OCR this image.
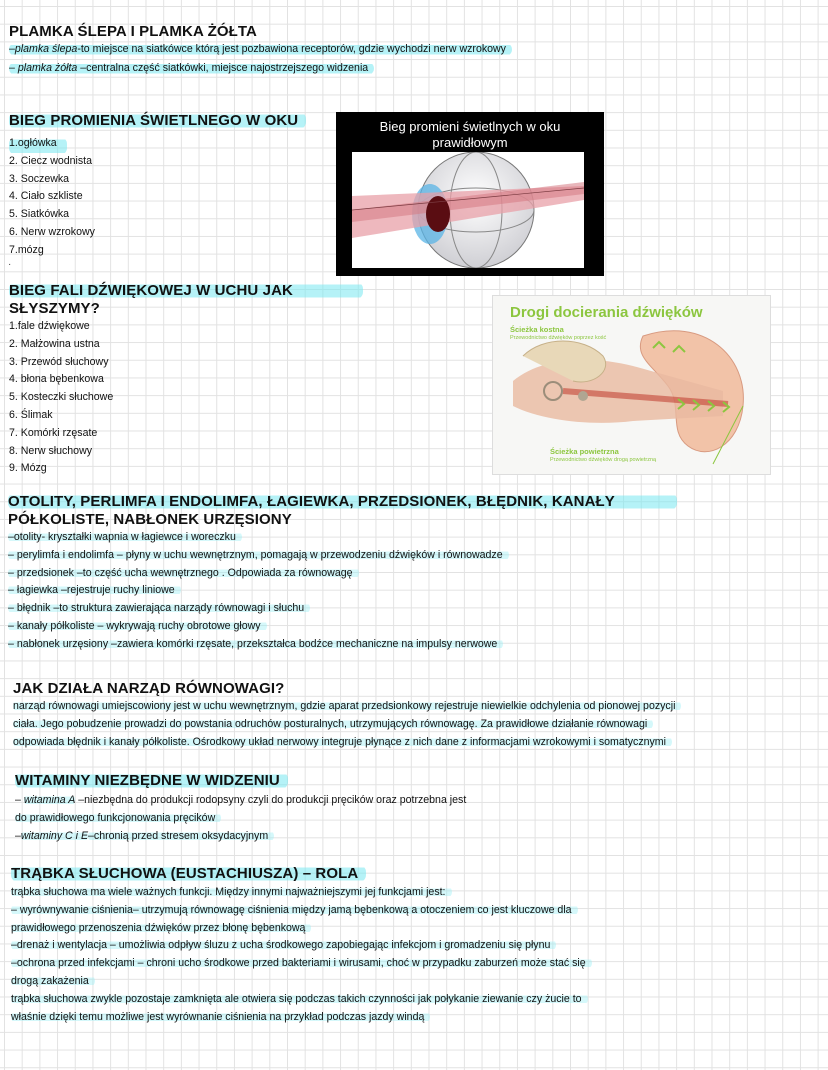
PLAMKA ŚLEPA I PLAMKA ŻÓŁTA
–plamka ślepa-to miejsce na siatkówce którą jest pozbawiona receptorów, gdzie wychodzi nerw wzrokowy
– plamka żółta –centralna część siatkówki, miejsce najostrzejszego widzenia
BIEG PROMIENIA ŚWIETLNEGO W OKU
1.ogłówka
2. Ciecz wodnista
3. Soczewka
4. Ciało szkliste
5. Siatkówka
6. Nerw wzrokowy
7.mózg
Bieg promieni świetlnych w oku
prawidłowym
·
BIEG FALI DŹWIĘKOWEJ W UCHU JAK
SŁYSZYMY?
1.fale dźwiękowe
2. Małżowina ustna
3. Przewód słuchowy
4. błona bębenkowa
5. Kosteczki słuchowe
6. Ślimak
7. Komórki rzęsate
8. Nerw słuchowy
9. Mózg
Drogi docierania dźwięków
Ścieżka kostna
Przewodnictwo dźwięków poprzez kość
Ścieżka powietrzna
Przewodnictwo dźwięków drogą powietrzną
OTOLITY, PERLIMFA I ENDOLIMFA, ŁAGIEWKA, PRZEDSIONEK, BŁĘDNIK, KANAŁY
PÓŁKOLISTE, NABŁONEK URZĘSIONY
–otolity- kryształki wapnia w łagiewce i woreczku
– perylimfa i endolimfa – płyny w uchu wewnętrznym, pomagają w przewodzeniu dźwięków i równowadze
– przedsionek –to część ucha wewnętrznego . Odpowiada za równowagę
– łagiewka –rejestruje ruchy liniowe
– błędnik –to struktura zawierająca narządy równowagi i słuchu
– kanały półkoliste – wykrywają ruchy obrotowe głowy
– nabłonek urzęsiony –zawiera komórki rzęsate, przekształca bodźce mechaniczne na impulsy nerwowe
JAK DZIAŁA NARZĄD RÓWNOWAGI?
narząd równowagi umiejscowiony jest w uchu wewnętrznym, gdzie aparat przedsionkowy rejestruje niewielkie odchylenia od pionowej pozycji
ciała. Jego pobudzenie prowadzi do powstania odruchów posturalnych, utrzymujących równowagę. Za prawidłowe działanie równowagi
odpowiada błędnik i kanały półkoliste. Ośrodkowy układ nerwowy integruje płynące z nich dane z informacjami wzrokowymi i somatycznymi
WITAMINY NIEZBĘDNE W WIDZENIU
– witamina A –niezbędna do produkcji rodopsyny czyli do produkcji pręcików oraz potrzebna jest
do prawidłowego funkcjonowania pręcików
–witaminy C i E–chronią przed stresem oksydacyjnym
TRĄBKA SŁUCHOWA (EUSTACHIUSZA) – ROLA
trąbka słuchowa ma wiele ważnych funkcji. Między innymi najważniejszymi jej funkcjami jest:
– wyrównywanie ciśnienia– utrzymują równowagę ciśnienia między jamą bębenkową a otoczeniem co jest kluczowe dla
prawidłowego przenoszenia dźwięków przez błonę bębenkową
–drenaż i wentylacja – umożliwia odpływ śluzu z ucha środkowego zapobiegając infekcjom i gromadzeniu się płynu
–ochrona przed infekcjami – chroni ucho środkowe przed bakteriami i wirusami, choć w przypadku zaburzeń może stać się
drogą zakażenia
trąbka słuchowa zwykle pozostaje zamknięta ale otwiera się podczas takich czynności jak połykanie ziewanie czy żucie to
właśnie dzięki temu możliwe jest wyrównanie ciśnienia na przykład podczas jazdy windą
